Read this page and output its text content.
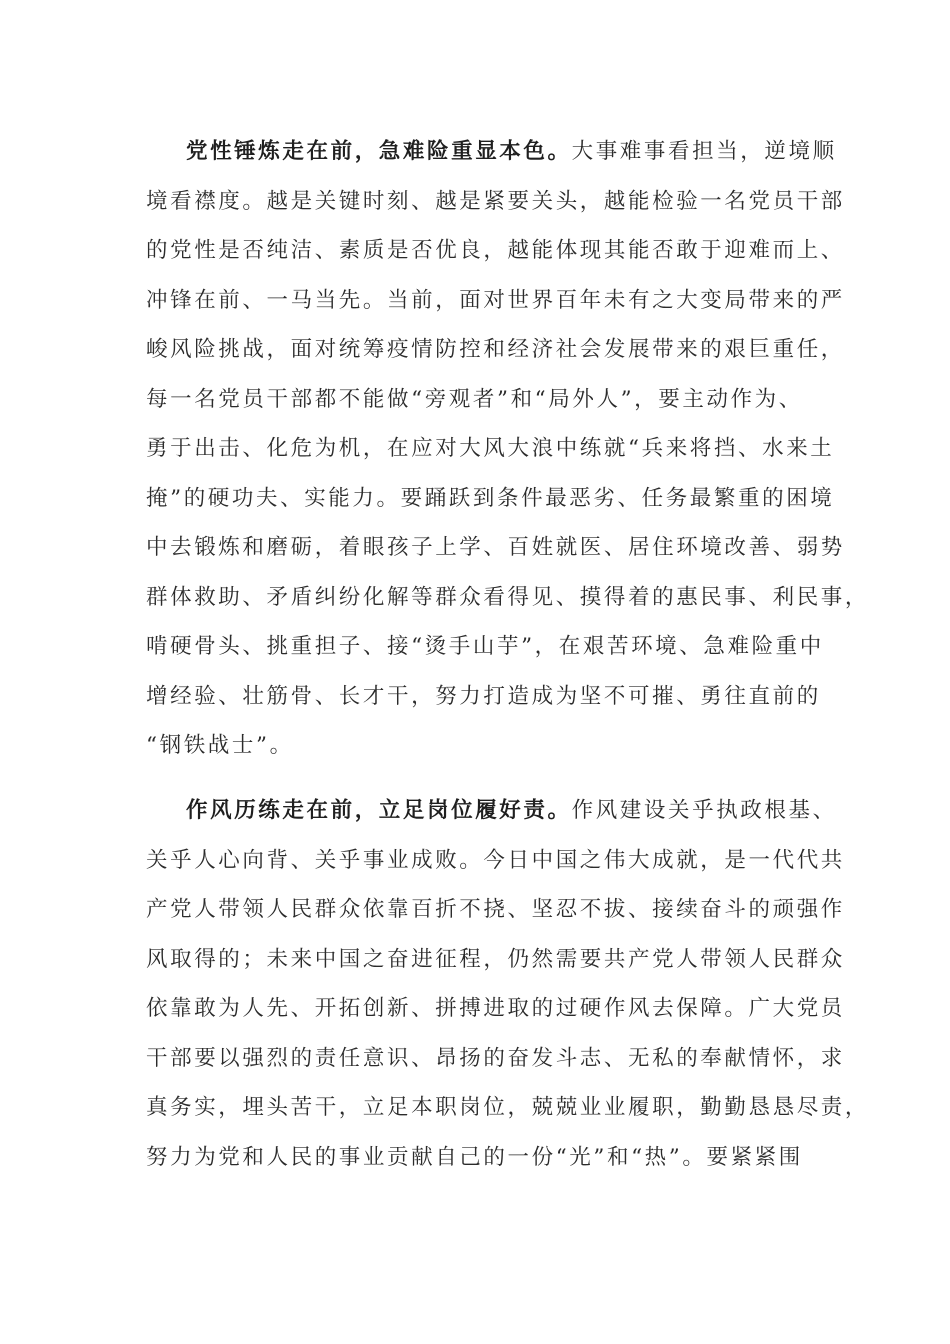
党性锤炼走在前，急难险重显本色。大事难事看担当，逆境顺
境看襟度。越是关键时刻、越是紧要关头，越能检验一名党员干部
的党性是否纯洁、素质是否优良，越能体现其能否敢于迎难而上、
冲锋在前、一马当先。当前，面对世界百年未有之大变局带来的严
峻风险挑战，面对统筹疫情防控和经济社会发展带来的艰巨重任，
每一名党员干部都不能做“旁观者”和“局外人”，要主动作为、
勇于出击、化危为机，在应对大风大浪中练就“兵来将挡、水来土
掩”的硬功夫、实能力。要踊跃到条件最恶劣、任务最繁重的困境
中去锻炼和磨砺，着眼孩子上学、百姓就医、居住环境改善、弱势
群体救助、矛盾纠纷化解等群众看得见、摸得着的惠民事、利民事，
啃硬骨头、挑重担子、接“烫手山芋”，在艰苦环境、急难险重中
增经验、壮筋骨、长才干，努力打造成为坚不可摧、勇往直前的
“钢铁战士”。
作风历练走在前，立足岗位履好责。作风建设关乎执政根基、
关乎人心向背、关乎事业成败。今日中国之伟大成就，是一代代共
产党人带领人民群众依靠百折不挠、坚忍不拔、接续奋斗的顽强作
风取得的；未来中国之奋进征程，仍然需要共产党人带领人民群众
依靠敢为人先、开拓创新、拼搏进取的过硬作风去保障。广大党员
干部要以强烈的责任意识、昂扬的奋发斗志、无私的奉献情怀，求
真务实，埋头苦干，立足本职岗位，兢兢业业履职，勤勤恳恳尽责，
努力为党和人民的事业贡献自己的一份“光”和“热”。要紧紧围
